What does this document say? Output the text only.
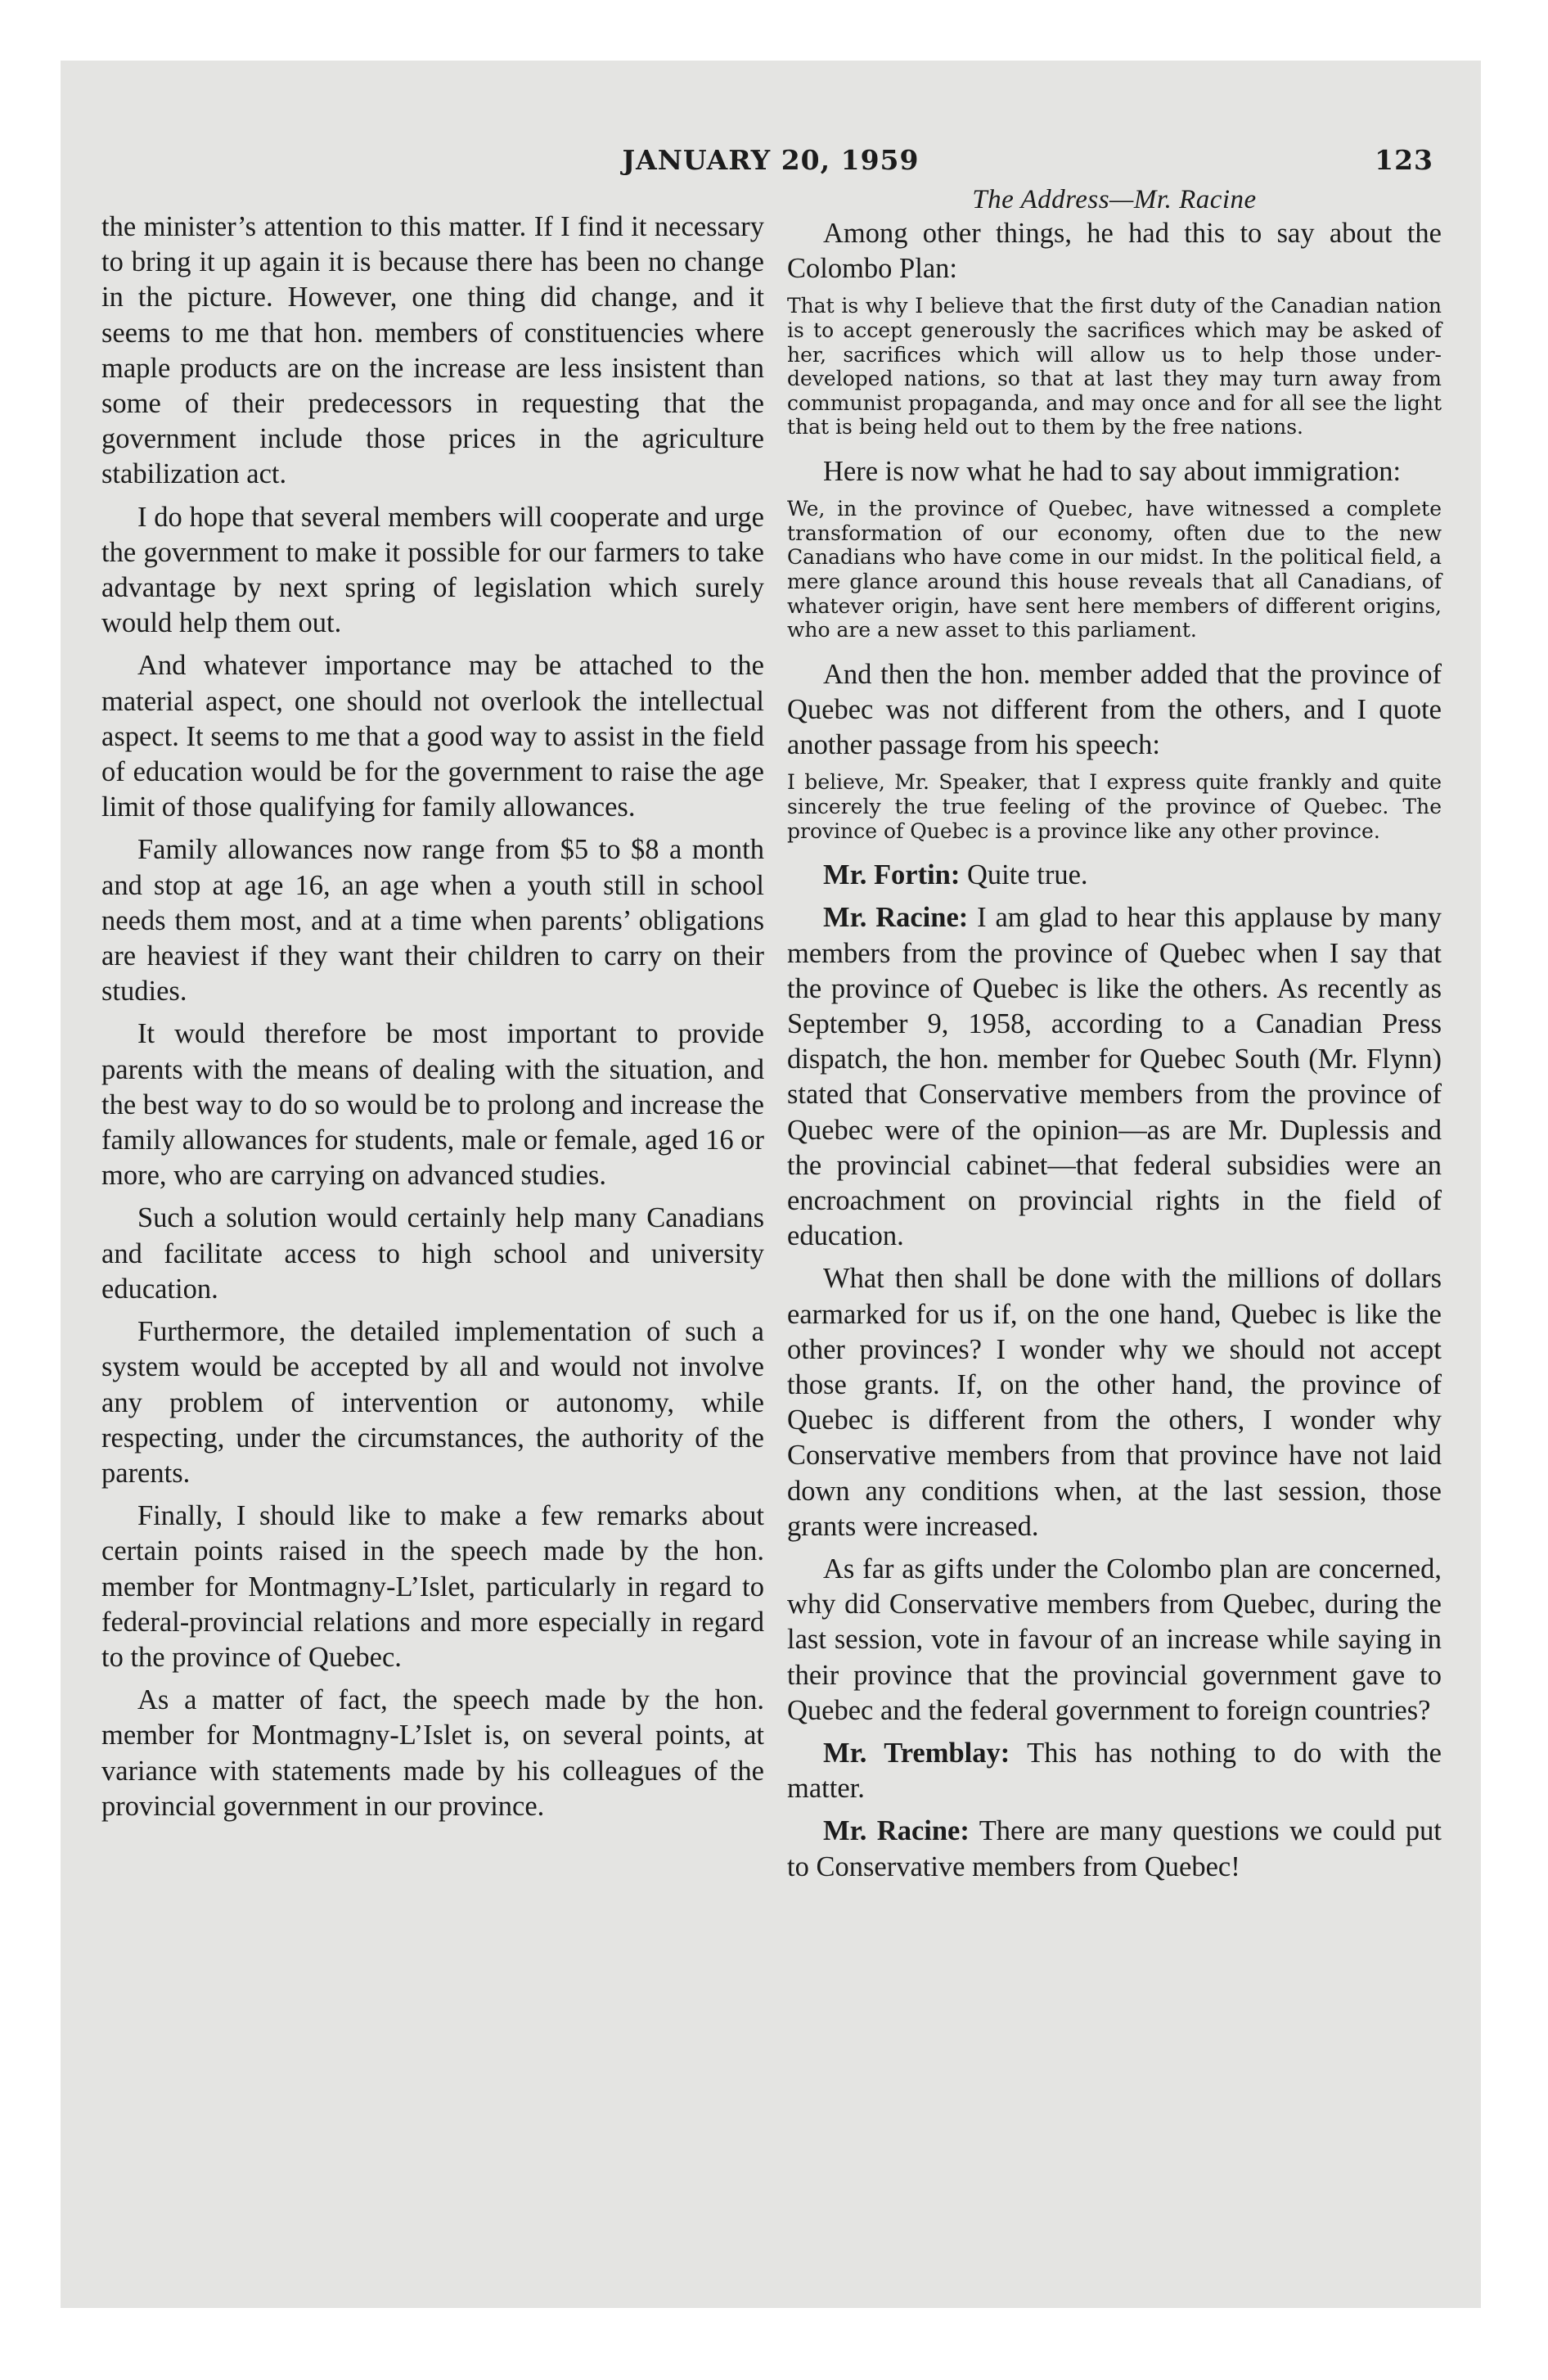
JANUARY 20, 1959	123

the minister’s attention to this matter. If I find it necessary to bring it up again it is because there has been no change in the picture. However, one thing did change, and it seems to me that hon. members of constituencies where maple products are on the increase are less insistent than some of their predecessors in requesting that the government include those prices in the agriculture stabilization act.

I do hope that several members will cooperate and urge the government to make it possible for our farmers to take advantage by next spring of legislation which surely would help them out.

And whatever importance may be attached to the material aspect, one should not overlook the intellectual aspect. It seems to me that a good way to assist in the field of education would be for the government to raise the age limit of those qualifying for family allowances.

Family allowances now range from $5 to $8 a month and stop at age 16, an age when a youth still in school needs them most, and at a time when parents’ obligations are heaviest if they want their children to carry on their studies.

It would therefore be most important to provide parents with the means of dealing with the situation, and the best way to do so would be to prolong and increase the family allowances for students, male or female, aged 16 or more, who are carrying on advanced studies.

Such a solution would certainly help many Canadians and facilitate access to high school and university education.

Furthermore, the detailed implementation of such a system would be accepted by all and would not involve any problem of intervention or autonomy, while respecting, under the circumstances, the authority of the parents.

Finally, I should like to make a few remarks about certain points raised in the speech made by the hon. member for Montmagny-L’Islet, particularly in regard to federal-provincial relations and more especially in regard to the province of Quebec.

As a matter of fact, the speech made by the hon. member for Montmagny-L’Islet is, on several points, at variance with statements made by his colleagues of the provincial government in our province.

The Address—Mr. Racine

Among other things, he had this to say about the Colombo Plan:

That is why I believe that the first duty of the Canadian nation is to accept generously the sacrifices which may be asked of her, sacrifices which will allow us to help those under-developed nations, so that at last they may turn away from communist propaganda, and may once and for all see the light that is being held out to them by the free nations.

Here is now what he had to say about immigration:

We, in the province of Quebec, have witnessed a complete transformation of our economy, often due to the new Canadians who have come in our midst. In the political field, a mere glance around this house reveals that all Canadians, of whatever origin, have sent here members of different origins, who are a new asset to this parliament.

And then the hon. member added that the province of Quebec was not different from the others, and I quote another passage from his speech:

I believe, Mr. Speaker, that I express quite frankly and quite sincerely the true feeling of the province of Quebec. The province of Quebec is a province like any other province.

Mr. Fortin: Quite true.

Mr. Racine: I am glad to hear this applause by many members from the province of Quebec when I say that the province of Quebec is like the others. As recently as September 9, 1958, according to a Canadian Press dispatch, the hon. member for Quebec South (Mr. Flynn) stated that Conservative members from the province of Quebec were of the opinion—as are Mr. Duplessis and the provincial cabinet—that federal subsidies were an encroachment on provincial rights in the field of education.

What then shall be done with the millions of dollars earmarked for us if, on the one hand, Quebec is like the other provinces? I wonder why we should not accept those grants. If, on the other hand, the province of Quebec is different from the others, I wonder why Conservative members from that province have not laid down any conditions when, at the last session, those grants were increased.

As far as gifts under the Colombo plan are concerned, why did Conservative members from Quebec, during the last session, vote in favour of an increase while saying in their province that the provincial government gave to Quebec and the federal government to foreign countries?

Mr. Tremblay: This has nothing to do with the matter.

Mr. Racine: There are many questions we could put to Conservative members from Quebec!
